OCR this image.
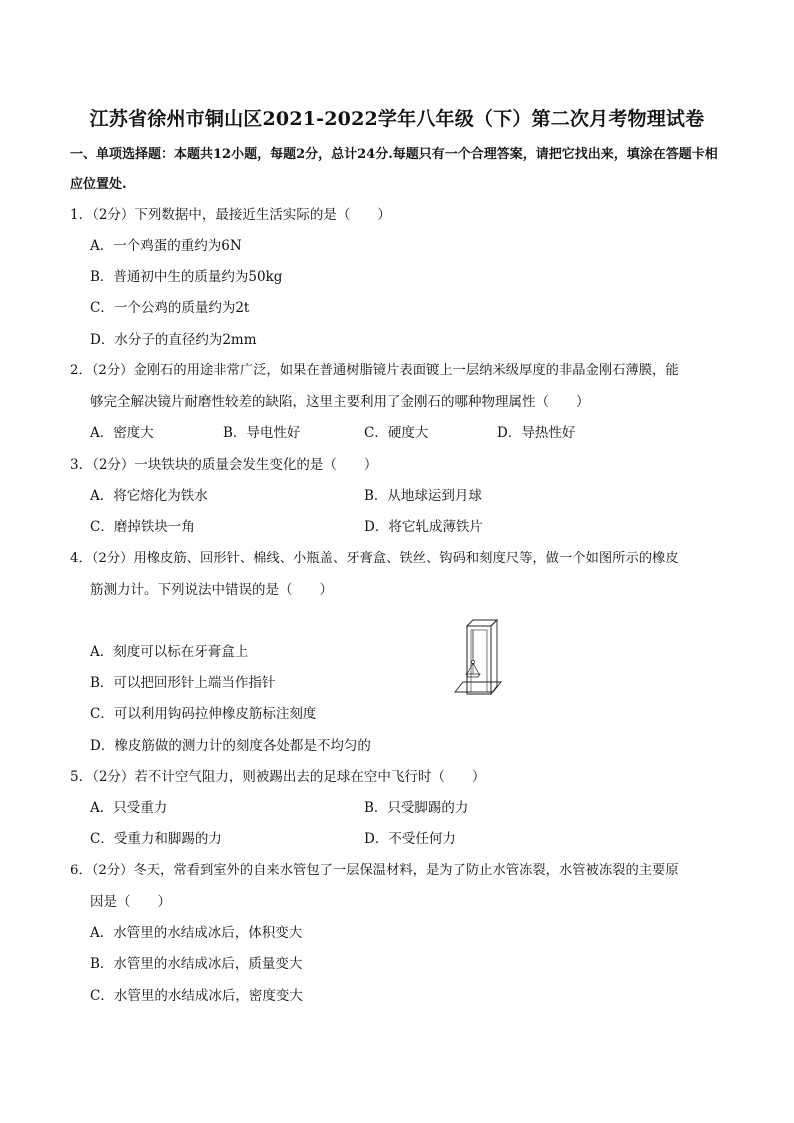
江苏省徐州市铜山区2021-2022学年八年级（下）第二次月考物理试卷
一、单项选择题：本题共12小题，每题2分，总计24分.每题只有一个合理答案，请把它找出来，填涂在答题卡相应位置处.
1．（2分）下列数据中，最接近生活实际的是（　　）
A．一个鸡蛋的重约为6N
B．普通初中生的质量约为50kg
C．一个公鸡的质量约为2t
D．水分子的直径约为2mm
2．（2分）金刚石的用途非常广泛，如果在普通树脂镜片表面镀上一层纳米级厚度的非晶金刚石薄膜，能
够完全解决镜片耐磨性较差的缺陷，这里主要利用了金刚石的哪种物理属性（　　）
A．密度大	B．导电性好	C．硬度大	D．导热性好
3．（2分）一块铁块的质量会发生变化的是（　　）
A．将它熔化为铁水	B．从地球运到月球
C．磨掉铁块一角	D．将它轧成薄铁片
4．（2分）用橡皮筋、回形针、棉线、小瓶盖、牙膏盒、铁丝、钩码和刻度尺等，做一个如图所示的橡皮
筋测力计。下列说法中错误的是（　　）
A．刻度可以标在牙膏盒上
B．可以把回形针上端当作指针
C．可以利用钩码拉伸橡皮筋标注刻度
D．橡皮筋做的测力计的刻度各处都是不均匀的
5．（2分）若不计空气阻力，则被踢出去的足球在空中飞行时（　　）
A．只受重力	B．只受脚踢的力
C．受重力和脚踢的力	D．不受任何力
6．（2分）冬天，常看到室外的自来水管包了一层保温材料，是为了防止水管冻裂，水管被冻裂的主要原
因是（　　）
A．水管里的水结成冰后，体积变大
B．水管里的水结成冰后，质量变大
C．水管里的水结成冰后，密度变大
